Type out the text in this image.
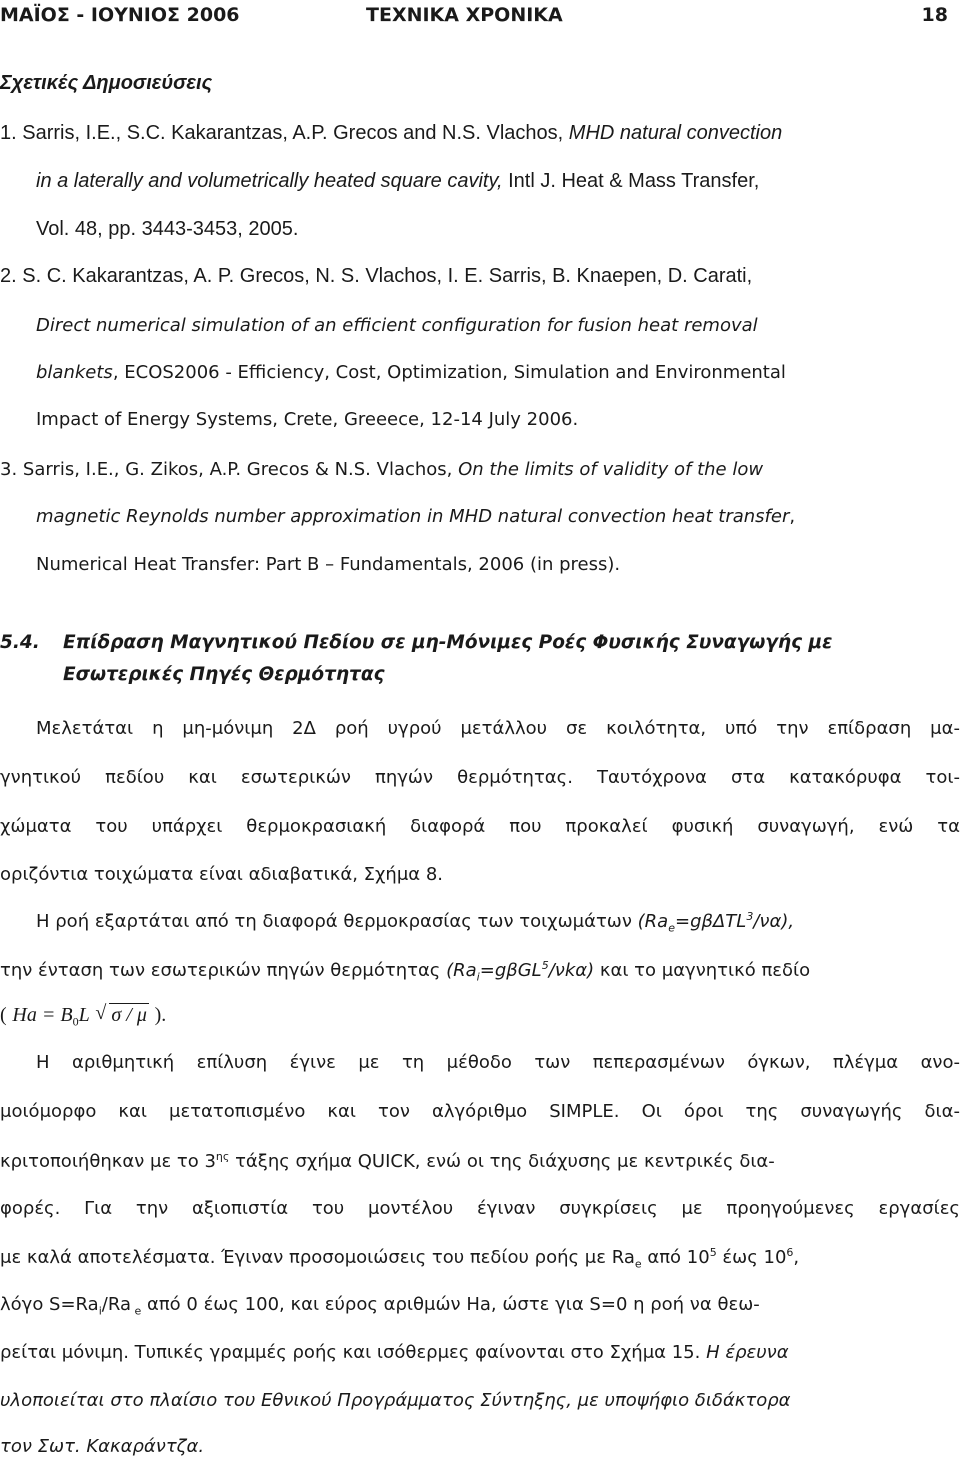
ΜΑΪΟΣ - ΙΟΥΝΙΟΣ 2006	ΤΕΧΝΙΚΑ ΧΡΟΝΙΚΑ	18
Σχετικές Δημοσιεύσεις
1. Sarris, I.E., S.C. Kakarantzas, A.P. Grecos and N.S. Vlachos, MHD natural convection
in a laterally and volumetrically heated square cavity, Intl J. Heat & Mass Transfer,
Vol. 48, pp. 3443-3453, 2005.
2. S. C. Kakarantzas, A. P. Grecos, N. S. Vlachos, I. E. Sarris, B. Knaepen, D. Carati,
Direct numerical simulation of an efficient configuration for fusion heat removal
blankets, ECOS2006 - Efficiency, Cost, Optimization, Simulation and Environmental
Impact of Energy Systems, Crete, Greeece, 12-14 July 2006.
3. Sarris, I.E., G. Zikos, A.P. Grecos & N.S. Vlachos, On the limits of validity of the low
magnetic Reynolds number approximation in MHD natural convection heat transfer,
Numerical Heat Transfer: Part B – Fundamentals, 2006 (in press).
5.4. Επίδραση Μαγνητικού Πεδίου σε μη-Μόνιμες Ροές Φυσικής Συναγωγής με
Εσωτερικές Πηγές Θερμότητας
Μελετάται η μη-μόνιμη 2Δ ροή υγρού μετάλλου σε κοιλότητα, υπό την επίδραση μα-
γνητικού πεδίου και εσωτερικών πηγών θερμότητας. Ταυτόχρονα στα κατακόρυφα τοι-
χώματα του υπάρχει θερμοκρασιακή διαφορά που προκαλεί φυσική συναγωγή, ενώ τα
οριζόντια τοιχώματα είναι αδιαβατικά, Σχήμα 8.
Η ροή εξαρτάται από τη διαφορά θερμοκρασίας των τοιχωμάτων $(Ra_e=g\beta\Delta TL^3/\nu\alpha)$,
την ένταση των εσωτερικών πηγών θερμότητας $(Ra_i=g\beta GL^5/\nu k\alpha)$ και το μαγνητικό πεδίο
( $Ha = B_0L$ √ σ / μ ).
Η αριθμητική επίλυση έγινε με τη μέθοδο των πεπερασμένων όγκων, πλέγμα ανο-
μοιόμορφο και μετατοπισμένο και τον αλγόριθμο SIMPLE. Οι όροι της συναγωγής δια-
κριτοποιήθηκαν με το $3^{\eta\varsigma}$ τάξης σχήμα QUICK, ενώ οι της διάχυσης με κεντρικές δια-
φορές. Για την αξιοπιστία του μοντέλου έγιναν συγκρίσεις με προηγούμενες εργασίες
με καλά αποτελέσματα. Έγιναν προσομοιώσεις του πεδίου ροής με $Ra_e$ από $10^5$ έως $10^6$,
λόγο $S=Ra_i/Ra$ $_e$ από 0 έως 100, και εύρος αριθμών Ha, ώστε για S=0 η ροή να θεω-
ρείται μόνιμη. Τυπικές γραμμές ροής και ισόθερμες φαίνονται στο Σχήμα 15. Η έρευνα
υλοποιείται στο πλαίσιο του Εθνικού Προγράμματος Σύντηξης, με υποψήφιο διδάκτορα
τον Σωτ. Κακαράντζα.
